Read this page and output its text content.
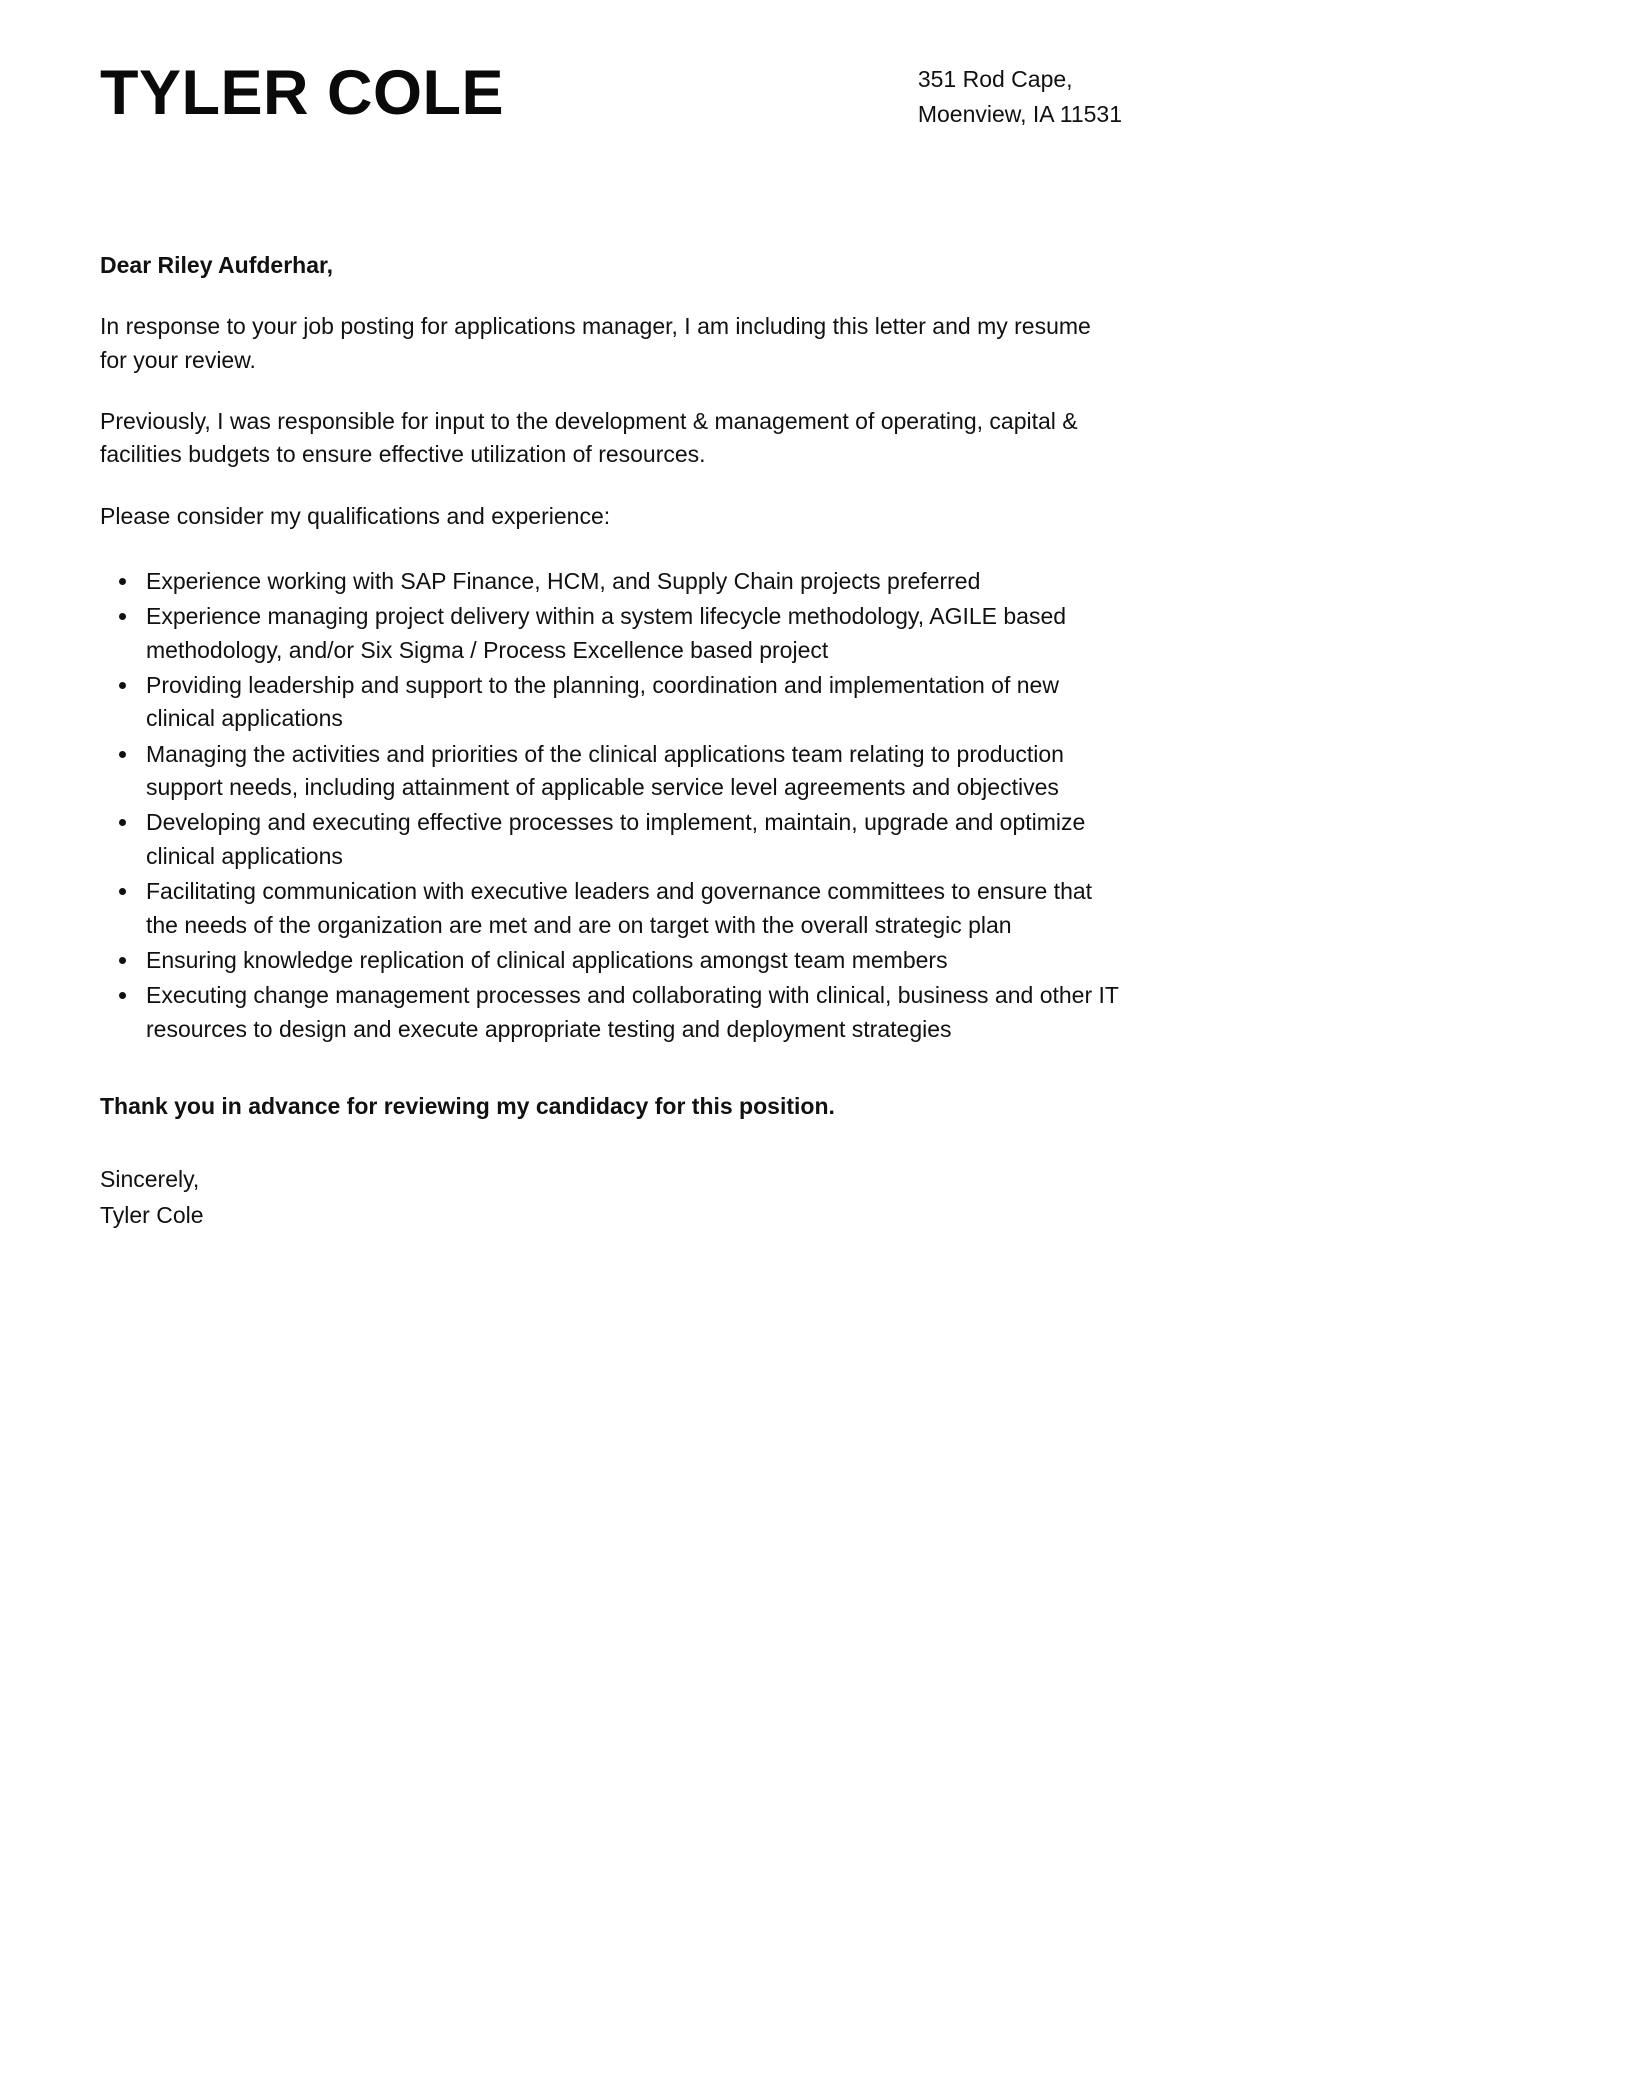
TYLER COLE	351 Rod Cape,
Moenview, IA 11531

Dear Riley Aufderhar,

In response to your job posting for applications manager, I am including this letter and my resume for your review.

Previously, I was responsible for input to the development & management of operating, capital & facilities budgets to ensure effective utilization of resources.

Please consider my qualifications and experience:

• Experience working with SAP Finance, HCM, and Supply Chain projects preferred
• Experience managing project delivery within a system lifecycle methodology, AGILE based methodology, and/or Six Sigma / Process Excellence based project
• Providing leadership and support to the planning, coordination and implementation of new clinical applications
• Managing the activities and priorities of the clinical applications team relating to production support needs, including attainment of applicable service level agreements and objectives
• Developing and executing effective processes to implement, maintain, upgrade and optimize clinical applications
• Facilitating communication with executive leaders and governance committees to ensure that the needs of the organization are met and are on target with the overall strategic plan
• Ensuring knowledge replication of clinical applications amongst team members
• Executing change management processes and collaborating with clinical, business and other IT resources to design and execute appropriate testing and deployment strategies

Thank you in advance for reviewing my candidacy for this position.

Sincerely,

Tyler Cole
